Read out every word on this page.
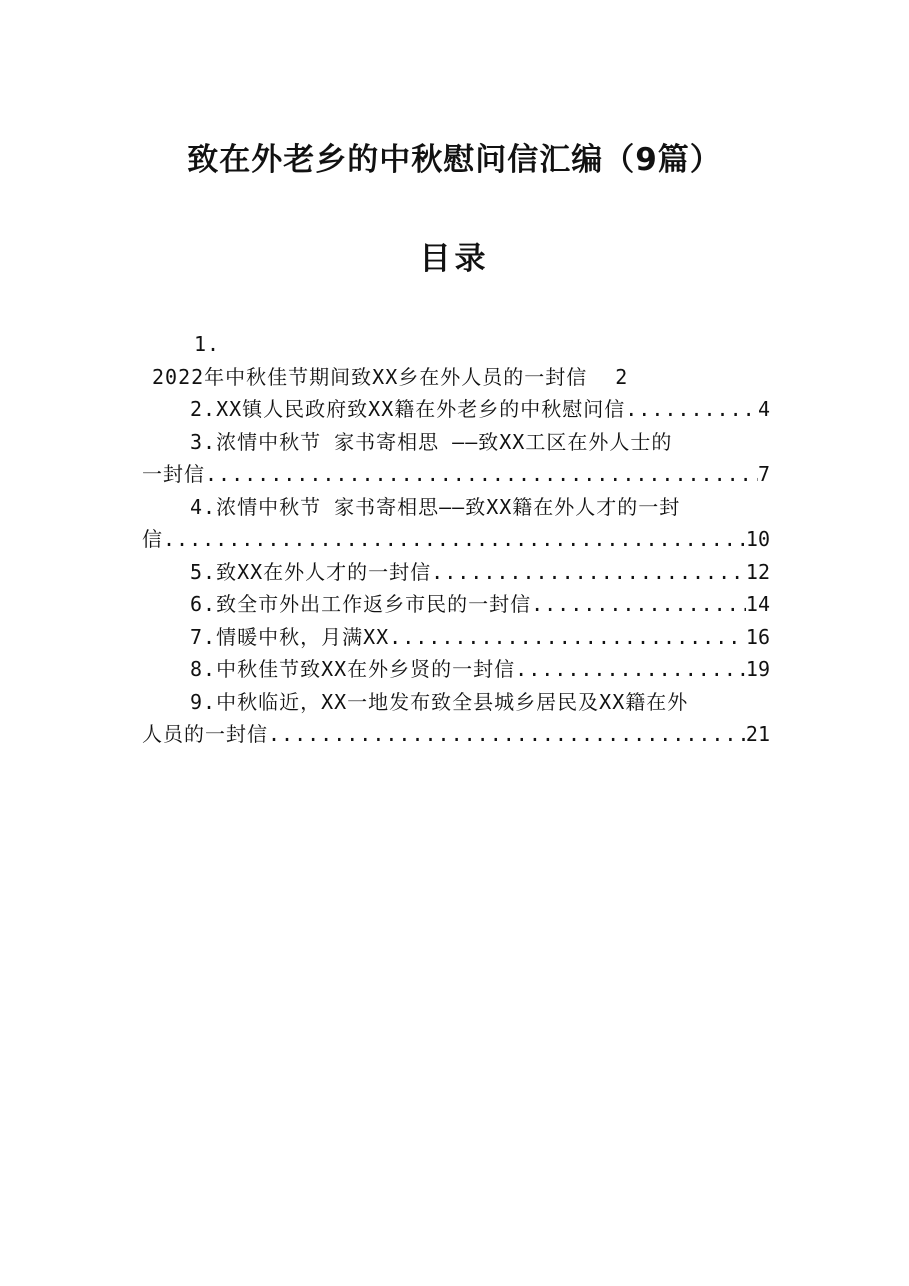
致在外老乡的中秋慰问信汇编（9篇）
目录
1.
2022年中秋佳节期间致XX乡在外人员的一封信 2
2.XX镇人民政府致XX籍在外老乡的中秋慰问信 .....	4
3.浓情中秋节 家书寄相思 ——致XX工区在外人士的
一封信 .....	7
4.浓情中秋节 家书寄相思——致XX籍在外人才的一封
信 .....	10
5.致XX在外人才的一封信 .....	12
6.致全市外出工作返乡市民的一封信 .....	14
7.情暖中秋，月满XX .....	16
8.中秋佳节致XX在外乡贤的一封信 .....	19
9.中秋临近，XX一地发布致全县城乡居民及XX籍在外
人员的一封信 .....	21
